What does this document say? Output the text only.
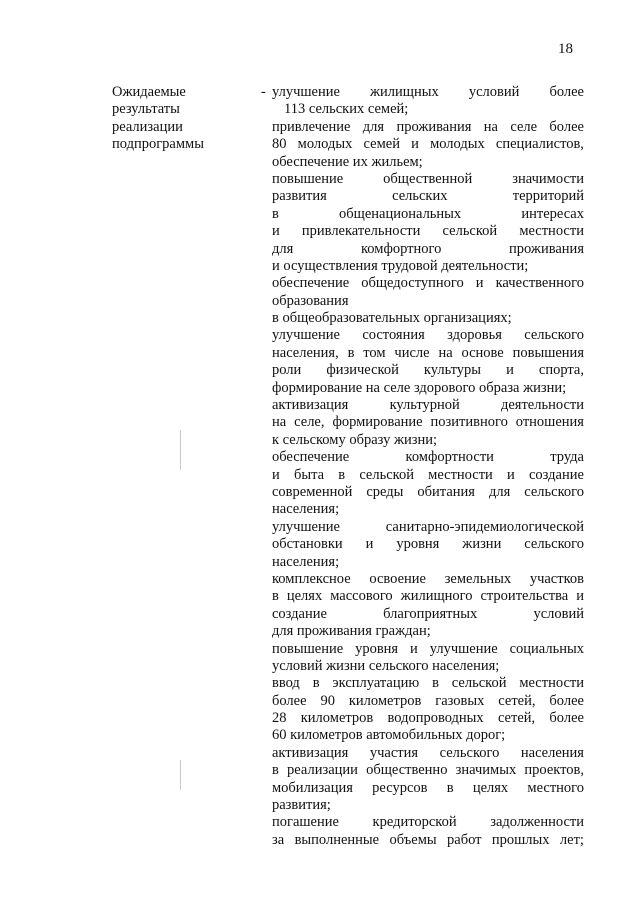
18
Ожидаемые
результаты
реализации
подпрограммы
- улучшение жилищных условий более
113 сельских семей;
привлечение для проживания на селе более
80 молодых семей и молодых специалистов,
обеспечение их жильем;
повышение	общественной	значимости
развития	сельских	территорий
в	общенациональных	интересах
и привлекательности сельской местности
для	комфортного	проживания
и осуществления трудовой деятельности;
обеспечение общедоступного и качественного
образования
в общеобразовательных организациях;
улучшение состояния здоровья сельского
населения, в том числе на основе повышения
роли физической культуры и спорта,
формирование на селе здорового образа жизни;
активизация	культурной	деятельности
на селе, формирование позитивного отношения
к сельскому образу жизни;
обеспечение	комфортности	труда
и быта в сельской местности и создание
современной среды обитания для сельского
населения;
улучшение	санитарно-эпидемиологической
обстановки и уровня жизни сельского
населения;
комплексное освоение земельных участков
в целях массового жилищного строительства и
создание	благоприятных	условий
для проживания граждан;
повышение уровня и улучшение социальных
условий жизни сельского населения;
ввод в эксплуатацию в сельской местности
более 90 километров газовых сетей, более
28 километров водопроводных сетей, более
60 километров автомобильных дорог;
активизация участия сельского населения
в реализации общественно значимых проектов,
мобилизация ресурсов в целях местного
развития;
погашение кредиторской задолженности
за выполненные объемы работ прошлых лет;
